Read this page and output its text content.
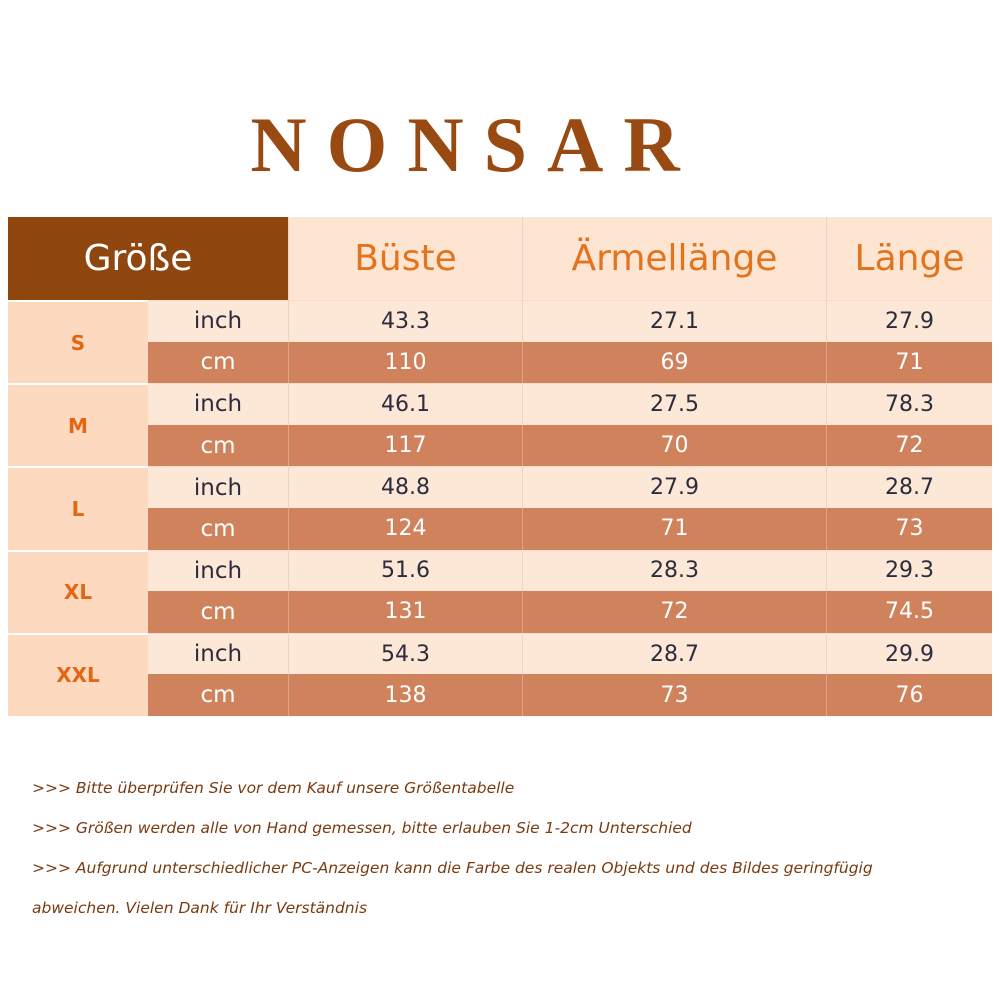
NONSAR
Größe	Büste	Ärmellänge	Länge
S
inch	43.3	27.1	27.9
cm	110	69	71
M
inch	46.1	27.5	78.3
cm	117	70	72
L
inch	48.8	27.9	28.7
cm	124	71	73
XL
inch	51.6	28.3	29.3
cm	131	72	74.5
XXL
inch	54.3	28.7	29.9
cm	138	73	76
>>> Bitte überprüfen Sie vor dem Kauf unsere Größentabelle
>>> Größen werden alle von Hand gemessen, bitte erlauben Sie 1-2cm Unterschied
>>> Aufgrund unterschiedlicher PC-Anzeigen kann die Farbe des realen Objekts und des Bildes geringfügig
abweichen. Vielen Dank für Ihr Verständnis
